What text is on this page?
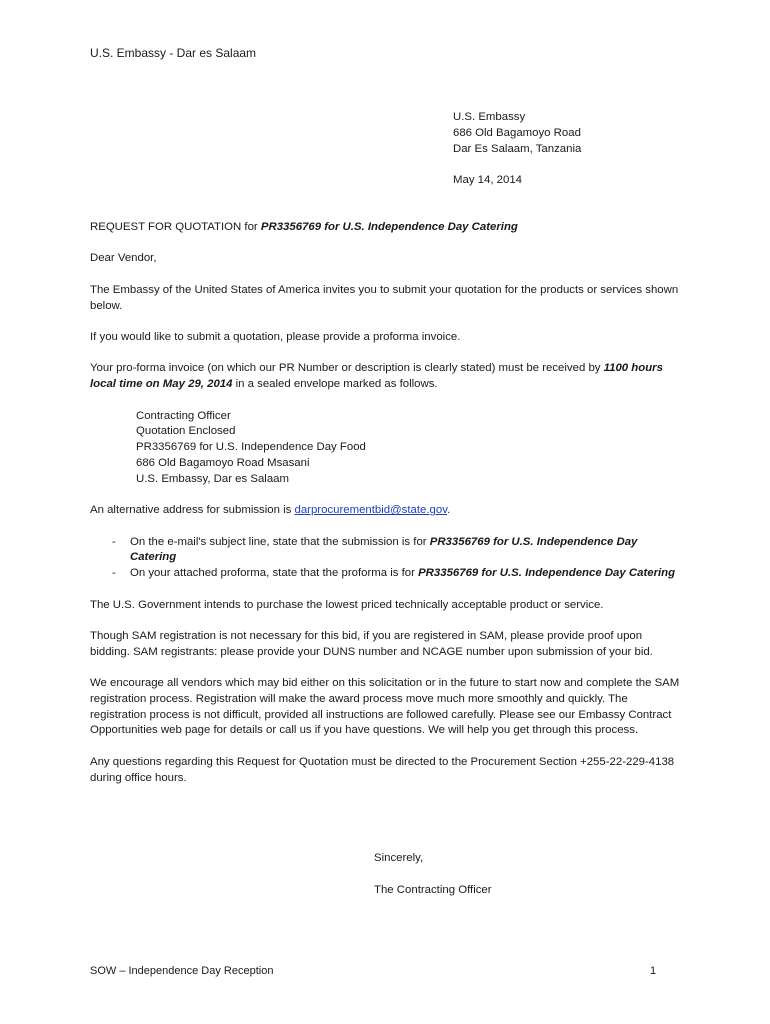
U.S. Embassy - Dar es Salaam
U.S. Embassy
686 Old Bagamoyo Road
Dar Es Salaam, Tanzania
May 14, 2014

REQUEST FOR QUOTATION for PR3356769 for U.S. Independence Day Catering

Dear Vendor,

The Embassy of the United States of America invites you to submit your quotation for the products or services shown below.

If you would like to submit a quotation, please provide a proforma invoice.

Your pro-forma invoice (on which our PR Number or description is clearly stated) must be received by 1100 hours local time on May 29, 2014 in a sealed envelope marked as follows.

Contracting Officer
Quotation Enclosed
PR3356769 for U.S. Independence Day Food
686 Old Bagamoyo Road Msasani
U.S. Embassy, Dar es Salaam

An alternative address for submission is darprocurementbid@state.gov.

- On the e-mail's subject line, state that the submission is for PR3356769 for U.S. Independence Day Catering
- On your attached proforma, state that the proforma is for PR3356769 for U.S. Independence Day Catering

The U.S. Government intends to purchase the lowest priced technically acceptable product or service.

Though SAM registration is not necessary for this bid, if you are registered in SAM, please provide proof upon bidding. SAM registrants: please provide your DUNS number and NCAGE number upon submission of your bid.

We encourage all vendors which may bid either on this solicitation or in the future to start now and complete the SAM registration process. Registration will make the award process move much more smoothly and quickly. The registration process is not difficult, provided all instructions are followed carefully. Please see our Embassy Contract Opportunities web page for details or call us if you have questions. We will help you get through this process.

Any questions regarding this Request for Quotation must be directed to the Procurement Section +255-22-229-4138 during office hours.

Sincerely,
The Contracting Officer
SOW – Independence Day Reception	1
